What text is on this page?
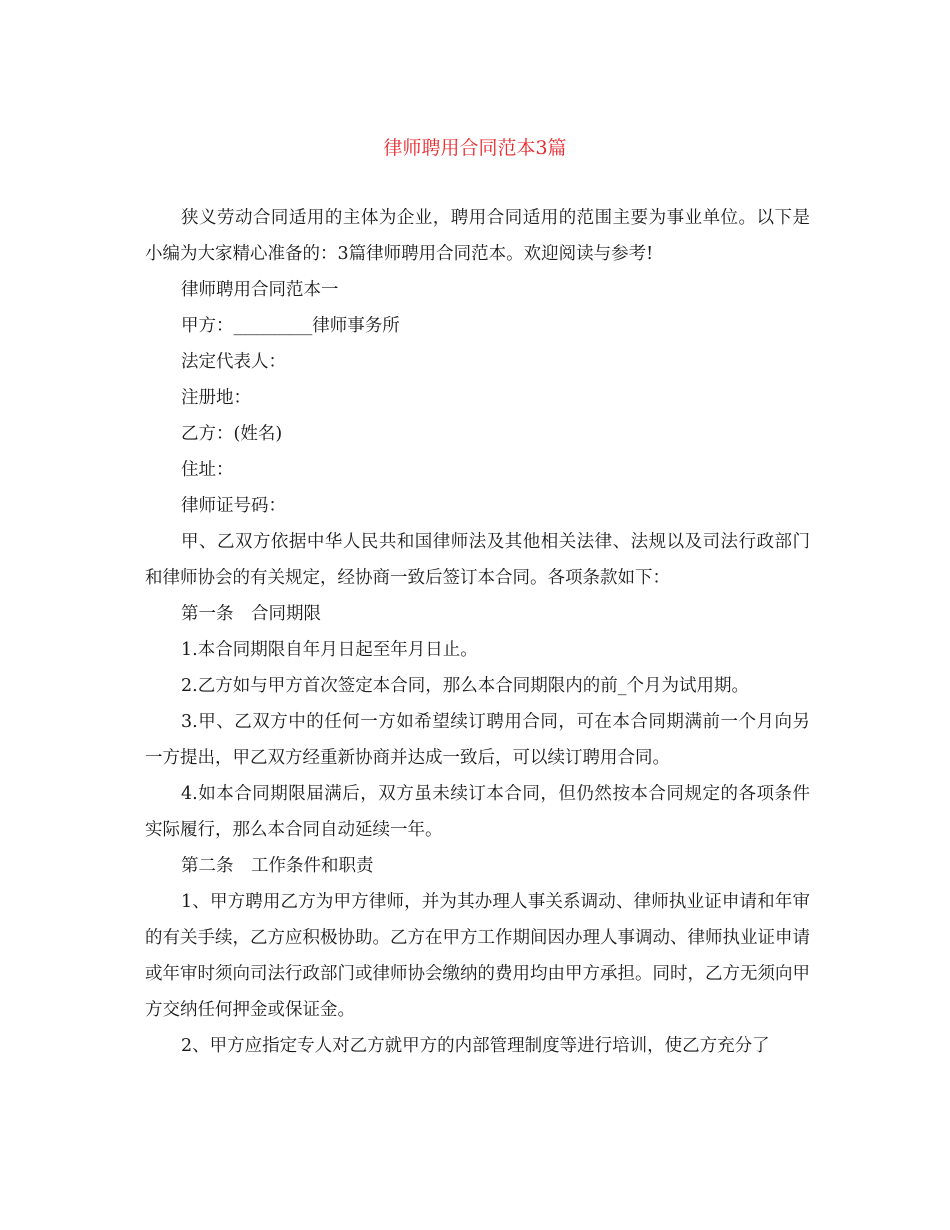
律师聘用合同范本3篇

狭义劳动合同适用的主体为企业，聘用合同适用的范围主要为事业单位。以下是小编为大家精心准备的：3篇律师聘用合同范本。欢迎阅读与参考!

律师聘用合同范本一

甲方：_________律师事务所

法定代表人：

注册地：

乙方：(姓名)

住址：

律师证号码：

甲、乙双方依据中华人民共和国律师法及其他相关法律、法规以及司法行政部门和律师协会的有关规定，经协商一致后签订本合同。各项条款如下：

第一条　合同期限

1.本合同期限自年月日起至年月日止。

2.乙方如与甲方首次签定本合同，那么本合同期限内的前_个月为试用期。

3.甲、乙双方中的任何一方如希望续订聘用合同，可在本合同期满前一个月向另一方提出，甲乙双方经重新协商并达成一致后，可以续订聘用合同。

4.如本合同期限届满后，双方虽未续订本合同，但仍然按本合同规定的各项条件实际履行，那么本合同自动延续一年。

第二条　工作条件和职责

1、甲方聘用乙方为甲方律师，并为其办理人事关系调动、律师执业证申请和年审的有关手续，乙方应积极协助。乙方在甲方工作期间因办理人事调动、律师执业证申请或年审时须向司法行政部门或律师协会缴纳的费用均由甲方承担。同时，乙方无须向甲方交纳任何押金或保证金。

2、甲方应指定专人对乙方就甲方的内部管理制度等进行培训，使乙方充分了
